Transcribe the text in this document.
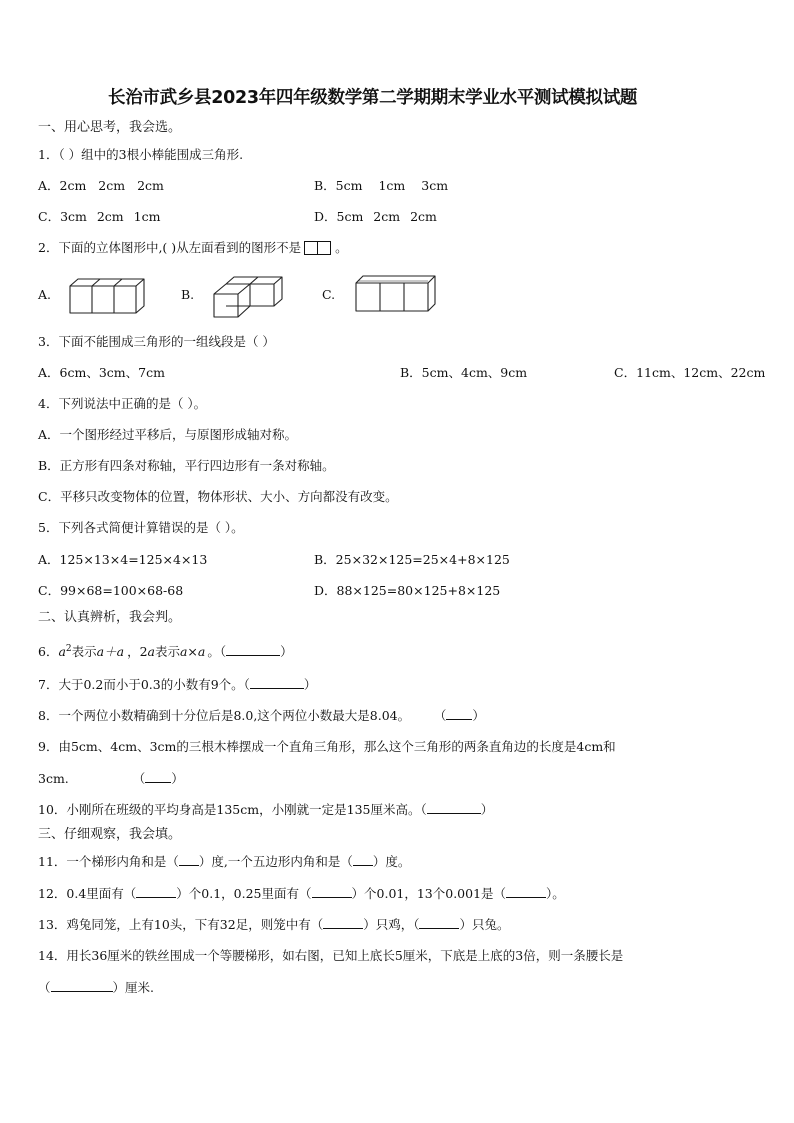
长治市武乡县2023年四年级数学第二学期期末学业水平测试模拟试题
一、用心思考，我会选。
1．（ ）组中的3根小棒能围成三角形.
A．2cm 2cm 2cm	B．5cm 1cm 3cm
C．3cm 2cm 1cm	D．5cm 2cm 2cm
2．下面的立体图形中,( )从左面看到的图形不是	。
A.	B.	C.
3．下面不能围成三角形的一组线段是（ ）
A．6cm、3cm、7cm	B．5cm、4cm、9cm	C．11cm、12cm、22cm
4．下列说法中正确的是（ ）。
A．一个图形经过平移后，与原图形成轴对称。
B．正方形有四条对称轴，平行四边形有一条对称轴。
C．平移只改变物体的位置，物体形状、大小、方向都没有改变。
5．下列各式简便计算错误的是（ ）。
A．125×13×4=125×4×13	B．25×32×125=25×4+8×125
C．99×68=100×68-68	D．88×125=80×125+8×125
二、认真辨析，我会判。
6．$a^2$表示a＋a ，2a表示a×a 。（	）
7．大于0.2而小于0.3的小数有9个。（	）
8．一个两位小数精确到十分位后是8.0,这个两位小数最大是8.04。 （ ）
9．由5cm、4cm、3cm的三根木棒摆成一个直角三角形，那么这个三角形的两条直角边的长度是4cm和
3cm.	（ ）
10．小刚所在班级的平均身高是135cm，小刚就一定是135厘米高。（	）
三、仔细观察，我会填。
11．一个梯形内角和是（ ）度,一个五边形内角和是（ ）度。
12．0.4里面有（	）个0.1，0.25里面有（	）个0.01，13个0.001是（	）。
13．鸡兔同笼，上有10头，下有32足，则笼中有（	）只鸡，（	）只兔。
14．用长36厘米的铁丝围成一个等腰梯形，如右图，已知上底长5厘米，下底是上底的3倍，则一条腰长是
（	）厘米.
